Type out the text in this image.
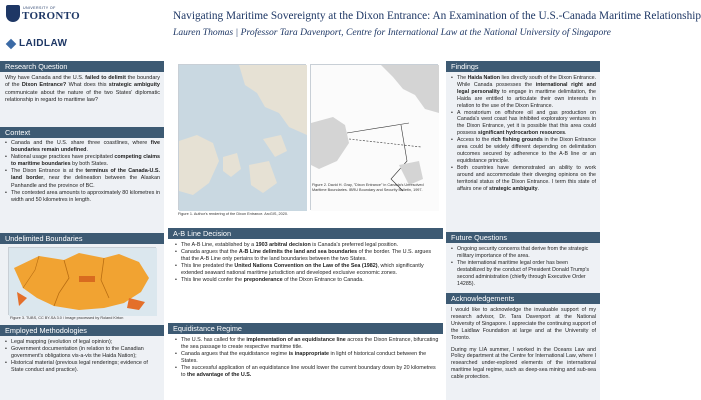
UNIVERSITY OF
TORONTO
LAIDLAW
Navigating Maritime Sovereignty at the Dixon Entrance: An Examination of the U.S.-Canada Maritime Relationship
Lauren Thomas | Professor Tara Davenport, Centre for International Law at the National University of Singapore
Research Question
Why have Canada and the U.S. failed to delimit the boundary of the Dixon Entrance? What does this strategic ambiguity communicate about the nature of the two States' diplomatic relationship in regard to maritime law?
Context
• Canada and the U.S. share three coastlines, where five boundaries remain undefined.
• National usage practices have precipitated competing claims to maritime boundaries by both States.
• The Dixon Entrance is at the terminus of the Canada-U.S. land border, near the delineation between the Alaskan Panhandle and the province of BC.
• The contested area amounts to approximately 80 kilometres in width and 50 kilometres in length.
Undelimited Boundaries
Figure 3. TUBS, CC BY-SA 3.0 / Image processed by Roland Kirton
Employed Methodologies
• Legal mapping (evolution of legal opinion);
• Government documentation (in relation to the Canadian government's obligations vis-a-vis the Haida Nation);
• Historical material (previous legal renderings; evidence of State conduct and practice).
Figure 1. Author's rendering of the Dixon Entrance. ArcGIS, 2020.
Figure 2. David H. Gray, "Dixon Entrance" in Canada's Unresolved Maritime Boundaries. IBRU Boundary and Security Bulletin, 1997.
A-B Line Decision
• The A-B Line, established by a 1903 arbitral decision is Canada's preferred legal position.
• Canada argues that the A-B Line delimits the land and sea boundaries of the border. The U.S. argues that the A-B Line only pertains to the land boundaries between the two States.
• This line predated the United Nations Convention on the Law of the Sea (1982), which significantly extended seaward national maritime jurisdiction and developed exclusive economic zones.
• This line would confer the preponderance of the Dixon Entrance to Canada.
Equidistance Regime
• The U.S. has called for the implementation of an equidistance line across the Dixon Entrance, bifurcating the sea passage to create respective maritime title.
• Canada argues that the equidistance regime is inappropriate in light of historical conduct between the States.
• The successful application of an equidistance line would lower the current boundary down by 20 kilometres to the advantage of the U.S.
Findings
• The Haida Nation lies directly south of the Dixon Entrance. While Canada possesses the international right and legal personality to engage in maritime delimitation, the Haida are entitled to articulate their own interests in relation to the use of the Dixon Entrance.
• A moratorium on offshore oil and gas production on Canada's west coast has inhibited exploratory ventures in the Dixon Entrance, yet it is possible that this area could possess significant hydrocarbon resources.
• Access to the rich fishing grounds in the Dixon Entrance area could be widely different depending on delimitation outcomes secured by adherence to the A-B line or an equidistance principle.
• Both countries have demonstrated an ability to work around and accommodate their diverging opinions on the territorial status of the Dixon Entrance. I term this state of affairs one of strategic ambiguity.
Future Questions
• Ongoing security concerns that derive from the strategic military importance of the area.
• The international maritime legal order has been destabilized by the conduct of President Donald Trump's second administration (chiefly through Executive Order 14285).
Acknowledgements

I would like to acknowledge the invaluable support of my research advisor, Dr. Tara Davenport at the National University of Singapore. I appreciate the continuing support of the Laidlaw Foundation at large and at the University of Toronto.

During my LIA summer, I worked in the Oceans Law and Policy department at the Centre for International Law, where I researched under-explored elements of the international maritime legal regime, such as deep-sea mining and sub-sea cable protection.
